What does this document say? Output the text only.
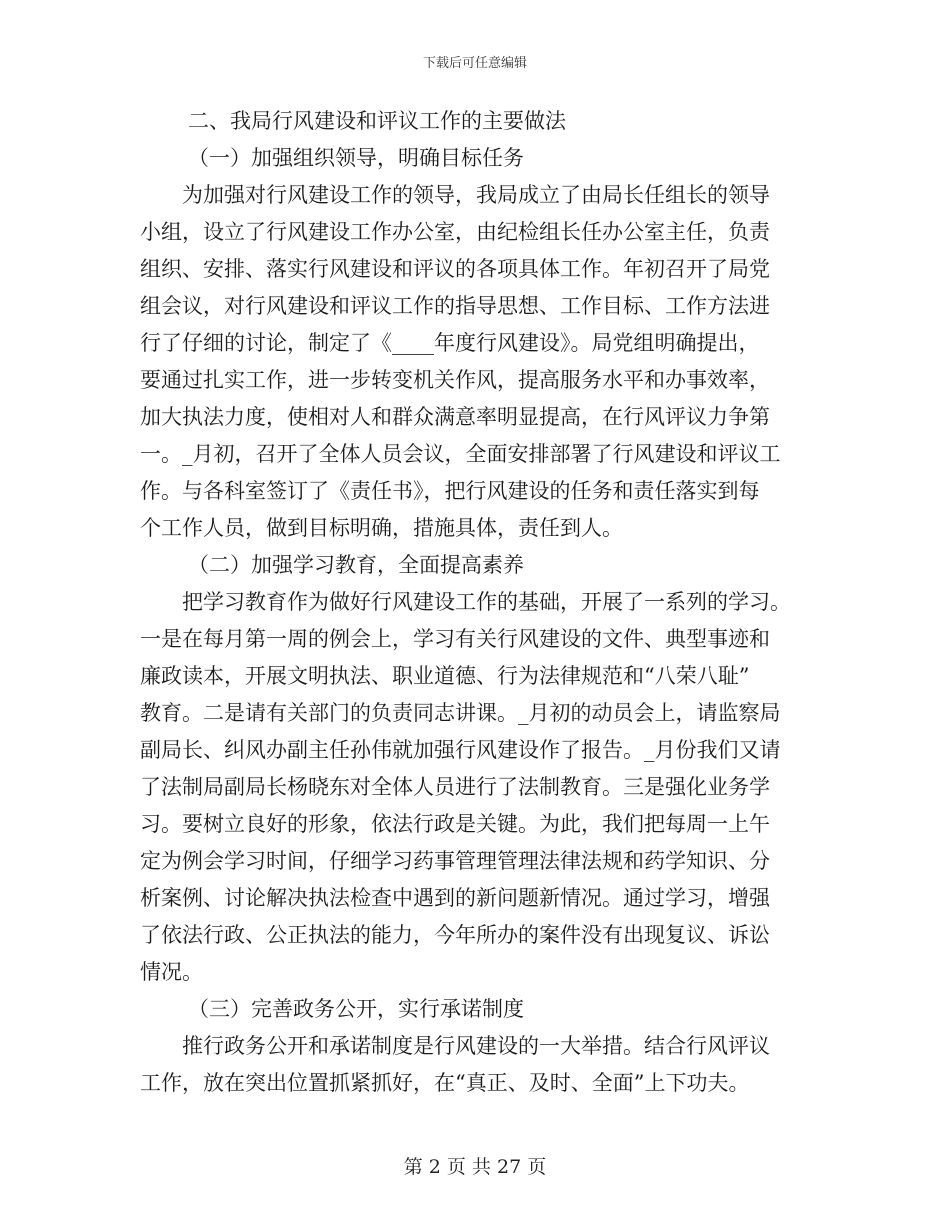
下载后可任意编辑
二、我局行风建设和评议工作的主要做法
（一）加强组织领导，明确目标任务
为加强对行风建设工作的领导，我局成立了由局长任组长的领导
小组，设立了行风建设工作办公室，由纪检组长任办公室主任，负责
组织、安排、落实行风建设和评议的各项具体工作。年初召开了局党
组会议，对行风建设和评议工作的指导思想、工作目标、工作方法进
行了仔细的讨论，制定了《____年度行风建设》。局党组明确提出，
要通过扎实工作，进一步转变机关作风，提高服务水平和办事效率，
加大执法力度，使相对人和群众满意率明显提高，在行风评议力争第
一。_月初，召开了全体人员会议，全面安排部署了行风建设和评议工
作。与各科室签订了《责任书》，把行风建设的任务和责任落实到每
个工作人员，做到目标明确，措施具体，责任到人。
（二）加强学习教育，全面提高素养
把学习教育作为做好行风建设工作的基础，开展了一系列的学习。
一是在每月第一周的例会上，学习有关行风建设的文件、典型事迹和
廉政读本，开展文明执法、职业道德、行为法律规范和“八荣八耻”
教育。二是请有关部门的负责同志讲课。_月初的动员会上，请监察局
副局长、纠风办副主任孙伟就加强行风建设作了报告。_月份我们又请
了法制局副局长杨晓东对全体人员进行了法制教育。三是强化业务学
习。要树立良好的形象，依法行政是关键。为此，我们把每周一上午
定为例会学习时间，仔细学习药事管理管理法律法规和药学知识、分
析案例、讨论解决执法检查中遇到的新问题新情况。通过学习，增强
了依法行政、公正执法的能力，今年所办的案件没有出现复议、诉讼
情况。
（三）完善政务公开，实行承诺制度
推行政务公开和承诺制度是行风建设的一大举措。结合行风评议
工作，放在突出位置抓紧抓好，在“真正、及时、全面”上下功夫。
第 2 页 共 27 页
